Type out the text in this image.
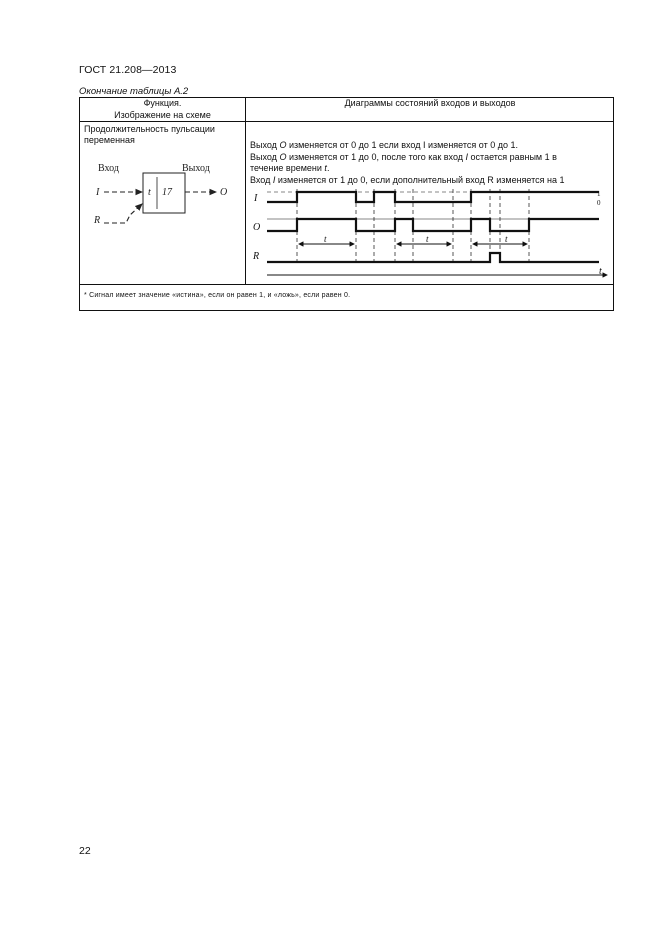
ГОСТ 21.208—2013
Окончание таблицы А.2
Функция.
Изображение на схеме
Диаграммы состояний входов и выходов
Продолжительность пульсации
переменная
Вход	Выход
I	t 17	O
R
Выход O изменяется от 0 до 1 если вход I изменяется от 0 до 1.
Выход O изменяется от 1 до 0, после того как вход I остается равным 1 в
течение времени t.
Вход I изменяется от 1 до 0, если дополнительный вход R изменяется на 1
I
O
R
1
0
t	t	t
t
* Сигнал имеет значение «истина», если он равен 1, и «ложь», если равен 0.
22
